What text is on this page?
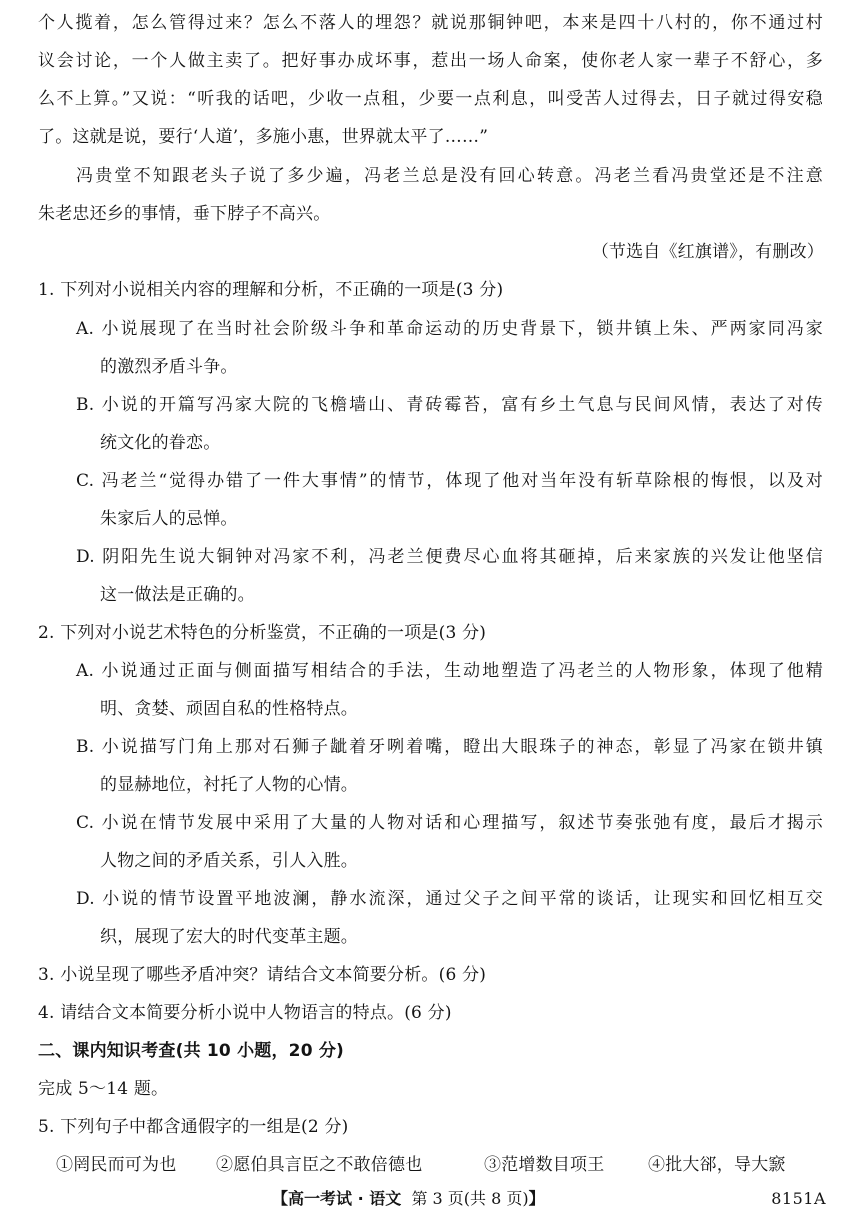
个人揽着，怎么管得过来？怎么不落人的埋怨？就说那铜钟吧，本来是四十八村的，你不通过村
议会讨论，一个人做主卖了。把好事办成坏事，惹出一场人命案，使你老人家一辈子不舒心，多
么不上算。”又说：“听我的话吧，少收一点租，少要一点利息，叫受苦人过得去，日子就过得安稳
了。这就是说，要行‘人道’，多施小惠，世界就太平了……”
冯贵堂不知跟老头子说了多少遍，冯老兰总是没有回心转意。冯老兰看冯贵堂还是不注意
朱老忠还乡的事情，垂下脖子不高兴。
（节选自《红旗谱》，有删改）
1. 下列对小说相关内容的理解和分析，不正确的一项是(3 分)
A. 小说展现了在当时社会阶级斗争和革命运动的历史背景下，锁井镇上朱、严两家同冯家
的激烈矛盾斗争。
B. 小说的开篇写冯家大院的飞檐墙山、青砖霉苔，富有乡土气息与民间风情，表达了对传
统文化的眷恋。
C. 冯老兰“觉得办错了一件大事情”的情节，体现了他对当年没有斩草除根的悔恨，以及对
朱家后人的忌惮。
D. 阴阳先生说大铜钟对冯家不利，冯老兰便费尽心血将其砸掉，后来家族的兴发让他坚信
这一做法是正确的。
2. 下列对小说艺术特色的分析鉴赏，不正确的一项是(3 分)
A. 小说通过正面与侧面描写相结合的手法，生动地塑造了冯老兰的人物形象，体现了他精
明、贪婪、顽固自私的性格特点。
B. 小说描写门角上那对石狮子龇着牙咧着嘴，瞪出大眼珠子的神态，彰显了冯家在锁井镇
的显赫地位，衬托了人物的心情。
C. 小说在情节发展中采用了大量的人物对话和心理描写，叙述节奏张弛有度，最后才揭示
人物之间的矛盾关系，引人入胜。
D. 小说的情节设置平地波澜，静水流深，通过父子之间平常的谈话，让现实和回忆相互交
织，展现了宏大的时代变革主题。
3. 小说呈现了哪些矛盾冲突？请结合文本简要分析。(6 分)
4. 请结合文本简要分析小说中人物语言的特点。(6 分)
二、课内知识考查(共 10 小题，20 分)
完成 5～14 题。
5. 下列句子中都含通假字的一组是(2 分)
①罔民而可为也 ②愿伯具言臣之不敢倍德也	③范增数目项王	④批大郤，导大窾
【高一考试 · 语文 第 3 页(共 8 页)】	8151A
